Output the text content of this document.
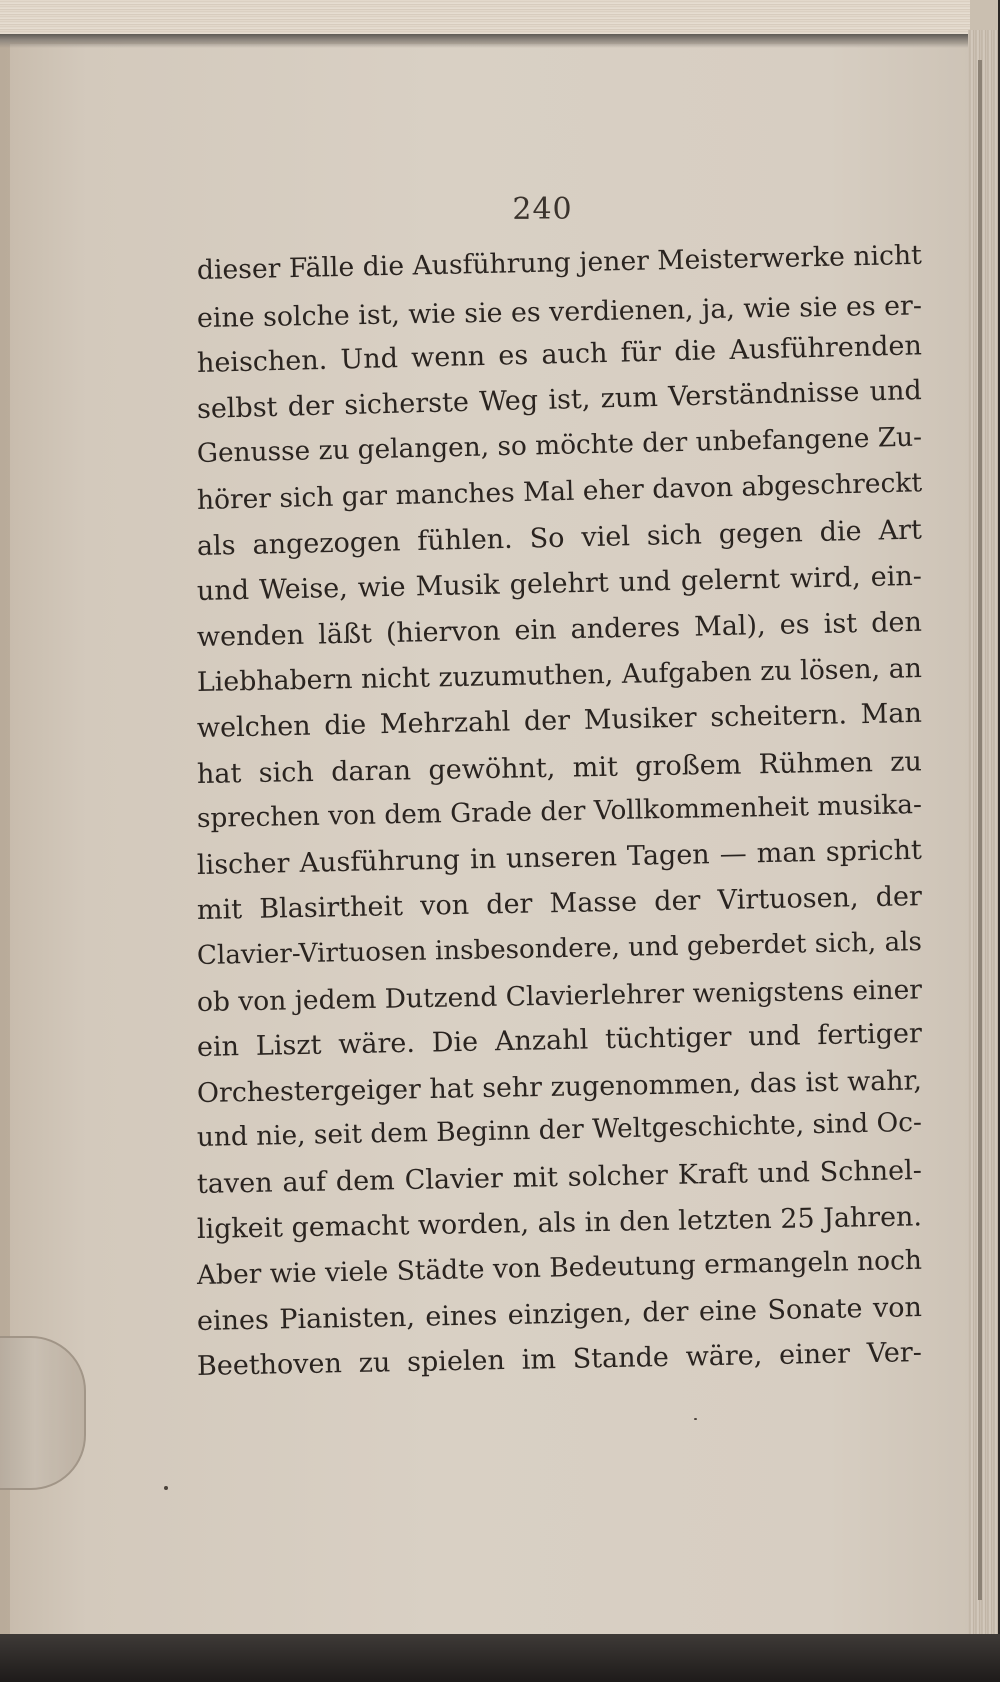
240
dieser Fälle die Ausführung jener Meisterwerke nicht
eine solche ist, wie sie es verdienen, ja, wie sie es er-
heischen. Und wenn es auch für die Ausführenden
selbst der sicherste Weg ist, zum Verständnisse und
Genusse zu gelangen, so möchte der unbefangene Zu-
hörer sich gar manches Mal eher davon abgeschreckt
als angezogen fühlen. So viel sich gegen die Art
und Weise, wie Musik gelehrt und gelernt wird, ein-
wenden läßt (hiervon ein anderes Mal), es ist den
Liebhabern nicht zuzumuthen, Aufgaben zu lösen, an
welchen die Mehrzahl der Musiker scheitern. Man
hat sich daran gewöhnt, mit großem Rühmen zu
sprechen von dem Grade der Vollkommenheit musika-
lischer Ausführung in unseren Tagen — man spricht
mit Blasirtheit von der Masse der Virtuosen, der
Clavier-Virtuosen insbesondere, und geberdet sich, als
ob von jedem Dutzend Clavierlehrer wenigstens einer
ein Liszt wäre. Die Anzahl tüchtiger und fertiger
Orchestergeiger hat sehr zugenommen, das ist wahr,
und nie, seit dem Beginn der Weltgeschichte, sind Oc-
taven auf dem Clavier mit solcher Kraft und Schnel-
ligkeit gemacht worden, als in den letzten 25 Jahren.
Aber wie viele Städte von Bedeutung ermangeln noch
eines Pianisten, eines einzigen, der eine Sonate von
Beethoven zu spielen im Stande wäre, einer Ver-
